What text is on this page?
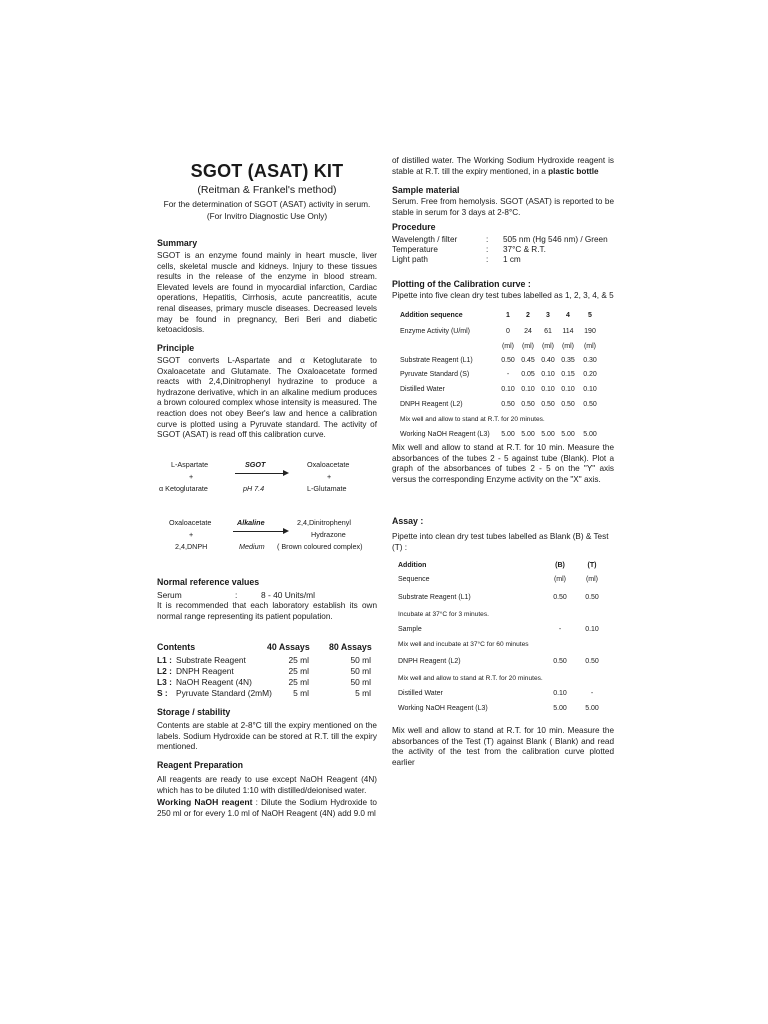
SGOT (ASAT) KIT

(Reitman & Frankel's method)

For the determination of SGOT (ASAT) activity in serum.

(For Invitro Diagnostic Use Only)

Summary

SGOT is an enzyme found mainly in heart muscle, liver cells, skeletal muscle and kidneys. Injury to these tissues results in the release of the enzyme in blood stream. Elevated levels are found in myocardial infarction, Cardiac operations, Hepatitis, Cirrhosis, acute pancreatitis, acute renal diseases, primary muscle diseases. Decreased levels may be found in pregnancy, Beri Beri and diabetic ketoacidosis.

Principle

SGOT converts L-Aspartate and α Ketoglutarate to Oxaloacetate and Glutamate. The Oxaloacetate formed reacts with 2,4,Dinitrophenyl hydrazine to produce a hydrazone derivative, which in an alkaline medium produces a brown coloured complex whose intensity is measured. The reaction does not obey Beer's law and hence a calibration curve is plotted using a Pyruvate standard. The activity of SGOT (ASAT) is read off this calibration curve.

L-Aspartate
+
α Ketoglutarate
SGOT
pH 7.4
Oxaloacetate
+
L-Glutamate
Oxaloacetate
+
2,4,DNPH
Alkaline
Medium
2,4,Dinitrophenyl
Hydrazone
( Brown coloured complex)

Normal reference values

Serum	:	8 - 40 Units/ml

It is recommended that each laboratory establish its own normal range representing its patient population.

Contents	40 Assays 80 Assays
L1 : Substrate Reagent	25 ml	50 ml
L2 : DNPH Reagent	25 ml	50 ml
L3 : NaOH Reagent (4N)	25 ml	50 ml
S : Pyruvate Standard (2mM)	5 ml	5 ml

Storage / stability

Contents are stable at 2-8°C till the expiry mentioned on the labels. Sodium Hydroxide can be stored at R.T. till the expiry mentioned.

Reagent Preparation

All reagents are ready to use except NaOH Reagent (4N) which has to be diluted 1:10 with distilled/deionised water.

Working NaOH reagent : Dilute the Sodium Hydroxide to 250 ml or for every 1.0 ml of NaOH Reagent (4N) add 9.0 ml

of distilled water. The Working Sodium Hydroxide reagent is stable at R.T. till the expiry mentioned, in a plastic bottle

Sample material

Serum. Free from hemolysis. SGOT (ASAT) is reported to be stable in serum for 3 days at 2-8°C.

Procedure

Wavelength / filter	: 505 nm (Hg 546 nm) / Green
Temperature	: 37°C & R.T.
Light path	: 1 cm

Plotting of the Calibration curve :

Pipette into five clean dry test tubes labelled as 1, 2, 3, 4, & 5

Addition sequence	1	2	3	4	5
Enzyme Activity (U/ml)	0	24	61	114	190
(ml)	(ml)	(ml)	(ml)	(ml)
Substrate Reagent (L1)	0.50 0.45 0.40 0.35	0.30
Pyruvate Standard (S)	-	0.05 0.10 0.15	0.20
Distilled Water	0.10 0.10 0.10 0.10	0.10
DNPH Reagent (L2)	0.50 0.50 0.50 0.50	0.50
Mix well and allow to stand at R.T. for 20 minutes.
Working NaOH Reagent (L3)	5.00 5.00 5.00 5.00	5.00

Mix well and allow to stand at R.T. for 10 min. Measure the absorbances of the tubes 2 - 5 against tube (Blank). Plot a graph of the absorbances of tubes 2 - 5 on the "Y" axis versus the corresponding Enzyme activity on the "X" axis.

Assay :

Pipette into clean dry test tubes labelled as Blank (B) & Test (T) :

Addition	(B)	(T)
Sequence	(ml)	(ml)
Substrate Reagent (L1)	0.50	0.50
Incubate at 37°C for 3 minutes.
Sample	-	0.10
Mix well and incubate at 37°C for 60 minutes
DNPH Reagent (L2)	0.50	0.50
Mix well and allow to stand at R.T. for 20 minutes.
Distilled Water	0.10	-
Working NaOH Reagent (L3)	5.00	5.00

Mix well and allow to stand at R.T. for 10 min. Measure the absorbances of the Test (T) against Blank ( Blank) and read the activity of the test from the calibration curve plotted earlier
